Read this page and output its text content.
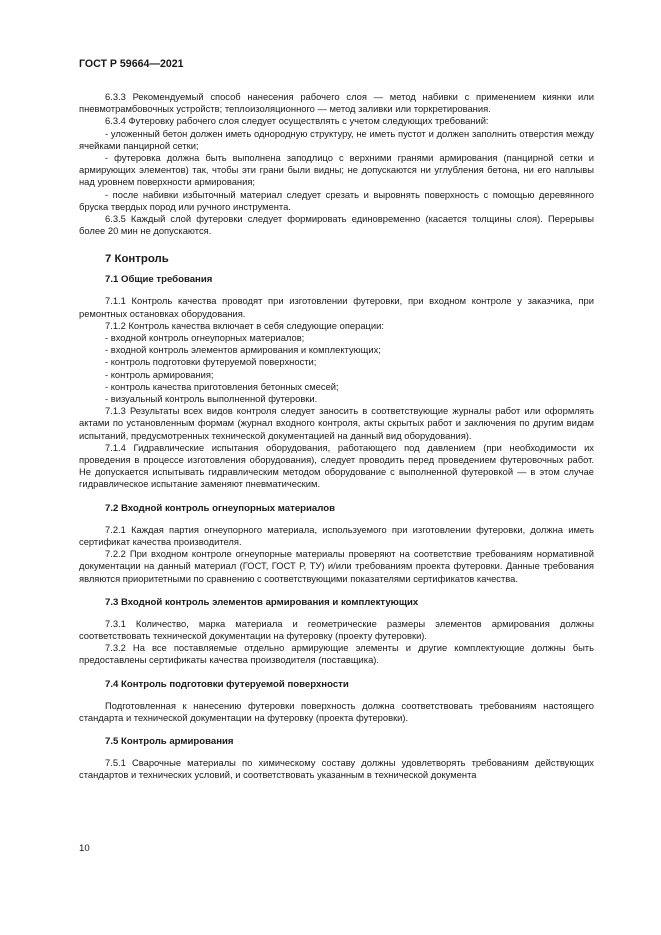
ГОСТ Р 59664—2021

6.3.3 Рекомендуемый способ нанесения рабочего слоя — метод набивки с применением киянки или пневмотрамбовочных устройств; теплоизоляционного — метод заливки или торкретирования.

6.3.4 Футеровку рабочего слоя следует осуществлять с учетом следующих требований:

- уложенный бетон должен иметь однородную структуру, не иметь пустот и должен заполнить отверстия между ячейками панцирной сетки;

- футеровка должна быть выполнена заподлицо с верхними гранями армирования (панцирной сетки и армирующих элементов) так, чтобы эти грани были видны; не допускаются ни углубления бетона, ни его наплывы над уровнем поверхности армирования;

- после набивки избыточный материал следует срезать и выровнять поверхность с помощью деревянного бруска твердых пород или ручного инструмента.

6.3.5 Каждый слой футеровки следует формировать единовременно (касается толщины слоя). Перерывы более 20 мин не допускаются.

7 Контроль
7.1 Общие требования

7.1.1 Контроль качества проводят при изготовлении футеровки, при входном контроле у заказчика, при ремонтных остановках оборудования.

7.1.2 Контроль качества включает в себя следующие операции:

- входной контроль огнеупорных материалов;

- входной контроль элементов армирования и комплектующих;

- контроль подготовки футеруемой поверхности;

- контроль армирования;

- контроль качества приготовления бетонных смесей;

- визуальный контроль выполненной футеровки.

7.1.3 Результаты всех видов контроля следует заносить в соответствующие журналы работ или оформлять актами по установленным формам (журнал входного контроля, акты скрытых работ и заключения по другим видам испытаний, предусмотренных технической документацией на данный вид оборудования).

7.1.4 Гидравлические испытания оборудования, работающего под давлением (при необходимости их проведения в процессе изготовления оборудования), следует проводить перед проведением футеровочных работ. Не допускается испытывать гидравлическим методом оборудование с выполненной футеровкой — в этом случае гидравлическое испытание заменяют пневматическим.

7.2 Входной контроль огнеупорных материалов

7.2.1 Каждая партия огнеупорного материала, используемого при изготовлении футеровки, должна иметь сертификат качества производителя.

7.2.2 При входном контроле огнеупорные материалы проверяют на соответствие требованиям нормативной документации на данный материал (ГОСТ, ГОСТ Р, ТУ) и/или требованиям проекта футеровки. Данные требования являются приоритетными по сравнению с соответствующими показателями сертификатов качества.

7.3 Входной контроль элементов армирования и комплектующих

7.3.1 Количество, марка материала и геометрические размеры элементов армирования должны соответствовать технической документации на футеровку (проекту футеровки).

7.3.2 На все поставляемые отдельно армирующие элементы и другие комплектующие должны быть предоставлены сертификаты качества производителя (поставщика).

7.4 Контроль подготовки футеруемой поверхности

Подготовленная к нанесению футеровки поверхность должна соответствовать требованиям настоящего стандарта и технической документации на футеровку (проекта футеровки).

7.5 Контроль армирования

7.5.1 Сварочные материалы по химическому составу должны удовлетворять требованиям действующих стандартов и технических условий, и соответствовать указанным в технической документа

10
